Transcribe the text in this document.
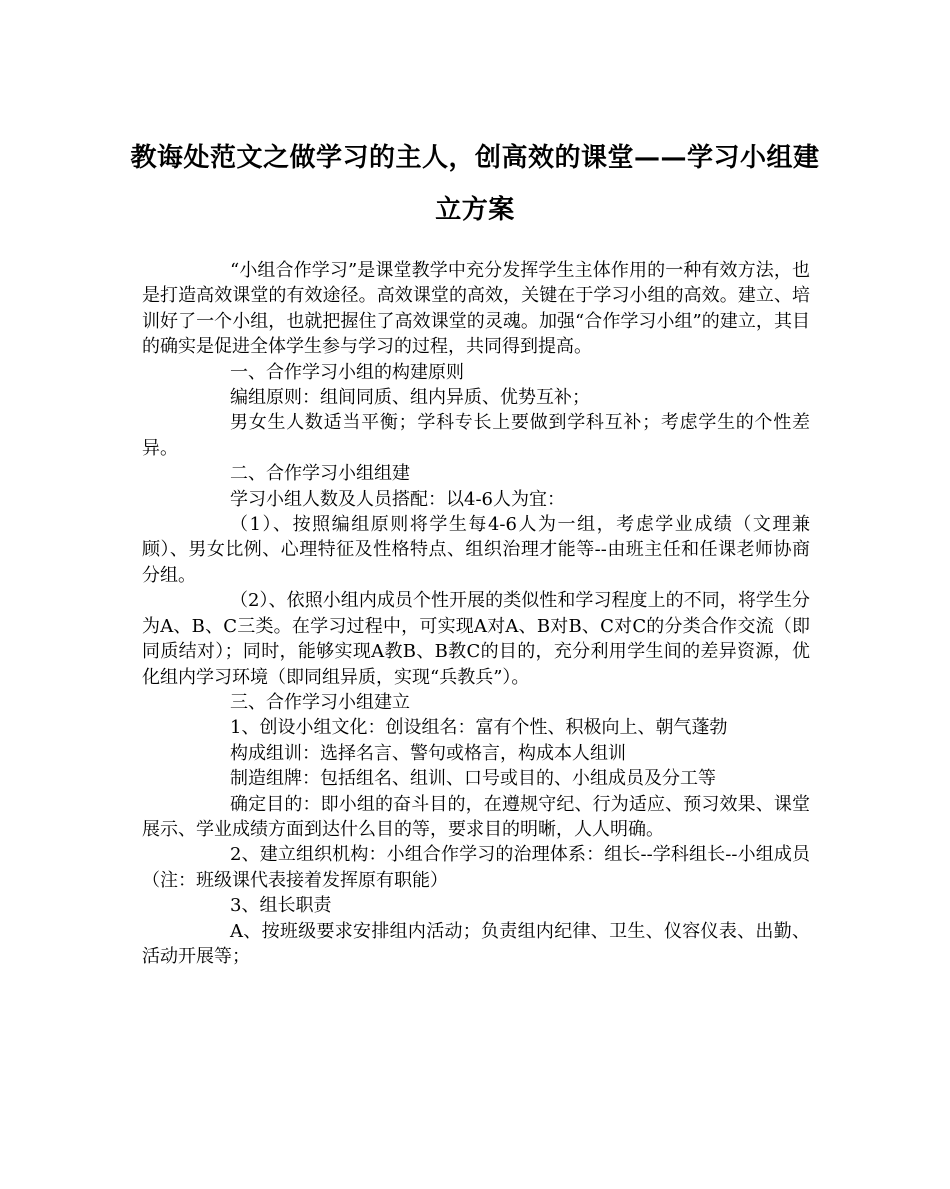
教诲处范文之做学习的主人，创高效的课堂——学习小组建立方案

“小组合作学习”是课堂教学中充分发挥学生主体作用的一种有效方法，也是打造高效课堂的有效途径。高效课堂的高效，关键在于学习小组的高效。建立、培训好了一个小组，也就把握住了高效课堂的灵魂。加强“合作学习小组”的建立，其目的确实是促进全体学生参与学习的过程，共同得到提高。

一、合作学习小组的构建原则

编组原则：组间同质、组内异质、优势互补；

男女生人数适当平衡；学科专长上要做到学科互补；考虑学生的个性差异。

二、合作学习小组组建

学习小组人数及人员搭配：以4-6人为宜：

（1）、按照编组原则将学生每4-6人为一组，考虑学业成绩（文理兼顾）、男女比例、心理特征及性格特点、组织治理才能等--由班主任和任课老师协商分组。

（2）、依照小组内成员个性开展的类似性和学习程度上的不同，将学生分为A、B、C三类。在学习过程中，可实现A对A、B对B、C对C的分类合作交流（即同质结对）；同时，能够实现A教B、B教C的目的，充分利用学生间的差异资源，优化组内学习环境（即同组异质，实现“兵教兵”）。

三、合作学习小组建立

1、创设小组文化：创设组名：富有个性、积极向上、朝气蓬勃

构成组训：选择名言、警句或格言，构成本人组训

制造组牌：包括组名、组训、口号或目的、小组成员及分工等

确定目的：即小组的奋斗目的，在遵规守纪、行为适应、预习效果、课堂展示、学业成绩方面到达什么目的等，要求目的明晰，人人明确。

2、建立组织机构：小组合作学习的治理体系：组长--学科组长--小组成员（注：班级课代表接着发挥原有职能）

3、组长职责

A、按班级要求安排组内活动；负责组内纪律、卫生、仪容仪表、出勤、活动开展等；
